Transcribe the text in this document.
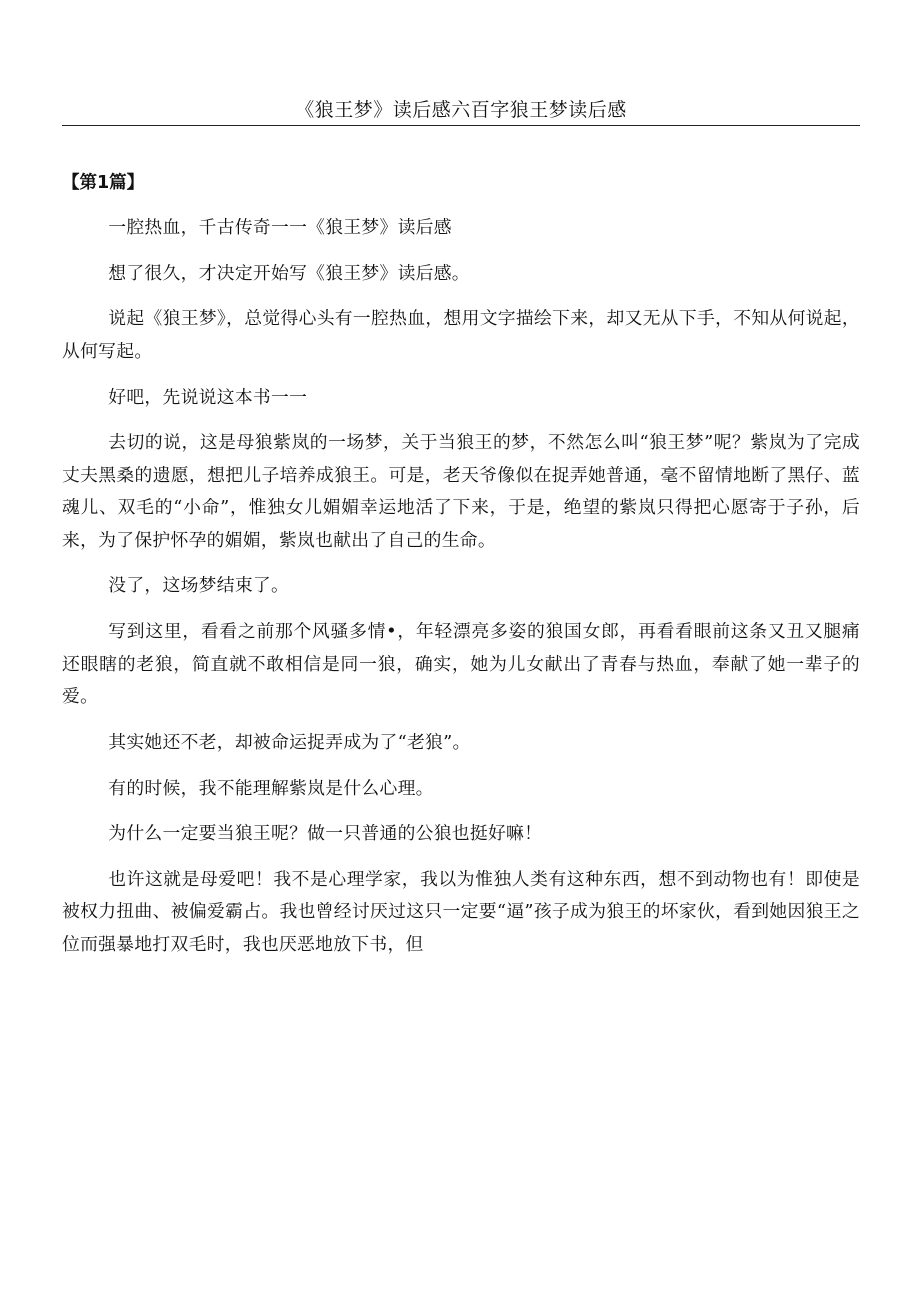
《狼王梦》读后感六百字狼王梦读后感
【第1篇】

一腔热血，千古传奇一一《狼王梦》读后感

想了很久，才决定开始写《狼王梦》读后感。

说起《狼王梦》，总觉得心头有一腔热血，想用文字描绘下来，却又无从下手，不知从何说起，从何写起。

好吧，先说说这本书一一

去切的说，这是母狼紫岚的一场梦，关于当狼王的梦，不然怎么叫“狼王梦”呢？紫岚为了完成丈夫黑桑的遗愿，想把儿子培养成狼王。可是，老天爷像似在捉弄她普通，毫不留情地断了黑仔、蓝魂儿、双毛的“小命”，惟独女儿媚媚幸运地活了下来，于是，绝望的紫岚只得把心愿寄于子孙，后来，为了保护怀孕的媚媚，紫岚也献出了自己的生命。

没了，这场梦结束了。

写到这里，看看之前那个风骚多情•，年轻漂亮多姿的狼国女郎，再看看眼前这条又丑又腿痛还眼瞎的老狼，简直就不敢相信是同一狼，确实，她为儿女献出了青春与热血，奉献了她一辈子的爱。

其实她还不老，却被命运捉弄成为了“老狼”。

有的时候，我不能理解紫岚是什么心理。

为什么一定要当狼王呢？做一只普通的公狼也挺好嘛！

也许这就是母爱吧！我不是心理学家，我以为惟独人类有这种东西，想不到动物也有！即使是被权力扭曲、被偏爱霸占。我也曾经讨厌过这只一定要“逼”孩子成为狼王的坏家伙，看到她因狼王之位而强暴地打双毛时，我也厌恶地放下书，但
